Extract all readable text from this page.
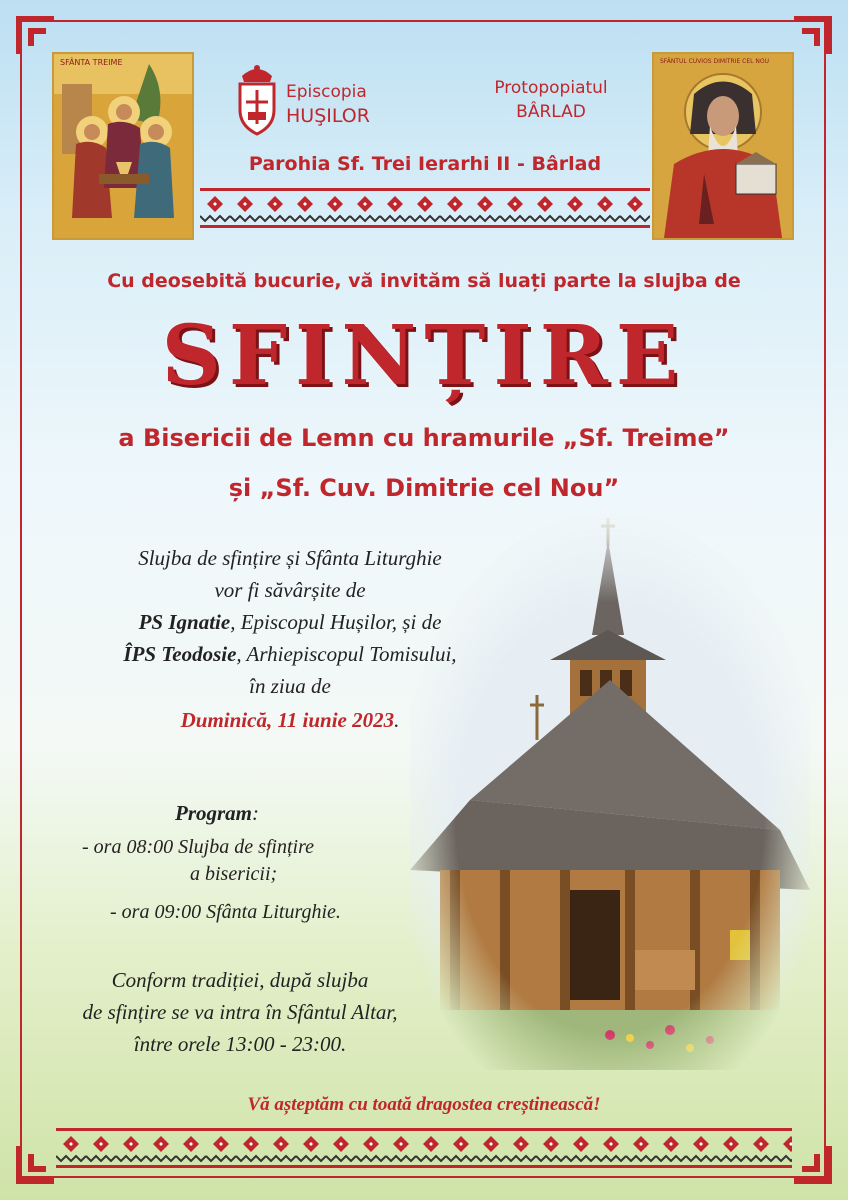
SFÂNTA TREIME	SFÂNTUL CUVIOS DIMITRIE CEL NOU
Episcopia
HUŞILOR
Protopopiatul
BÂRLAD
Parohia Sf. Trei Ierarhi II - Bârlad
Cu deosebită bucurie, vă invităm să luați parte la slujba de
SFINȚIRE
a Bisericii de Lemn cu hramurile „Sf. Treime”
și „Sf. Cuv. Dimitrie cel Nou”
Slujba de sfințire și Sfânta Liturghie
vor fi săvârșite de
PS Ignatie, Episcopul Hușilor, și de
ÎPS Teodosie, Arhiepiscopul Tomisului,
în ziua de
Duminică, 11 iunie 2023.
Program:
- ora 08:00 Slujba de sfințire
a bisericii;
- ora 09:00 Sfânta Liturghie.
Conform tradiției, după slujba
de sfințire se va intra în Sfântul Altar,
între orele 13:00 - 23:00.
Vă așteptăm cu toată dragostea creștinească!
